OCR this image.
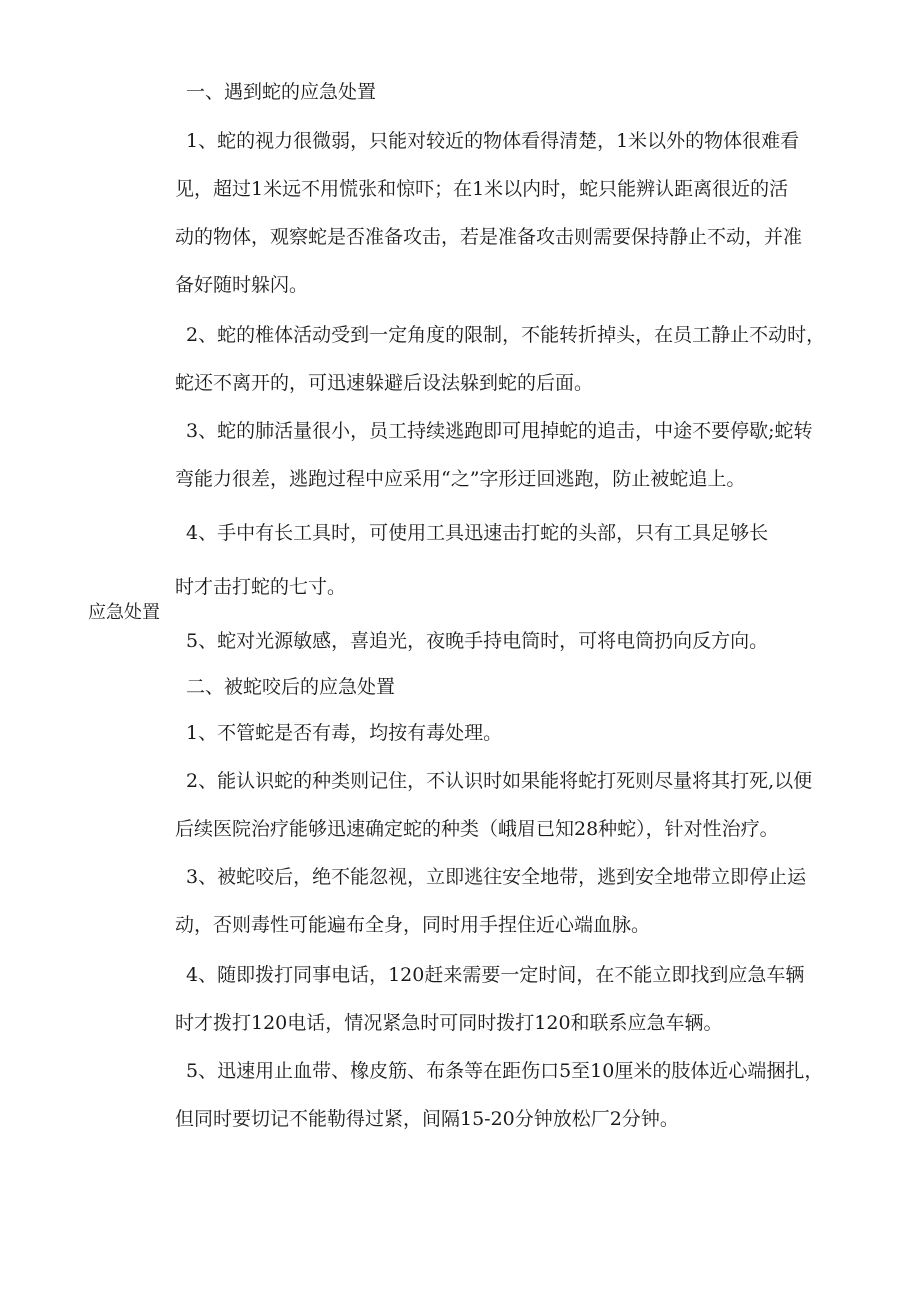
一、遇到蛇的应急处置
1、蛇的视力很微弱，只能对较近的物体看得清楚，1米以外的物体很难看
见，超过1米远不用慌张和惊吓；在1米以内时，蛇只能辨认距离很近的活
动的物体，观察蛇是否准备攻击，若是准备攻击则需要保持静止不动，并准
备好随时躲闪。
2、蛇的椎体活动受到一定角度的限制，不能转折掉头，在员工静止不动时，
蛇还不离开的，可迅速躲避后设法躲到蛇的后面。
3、蛇的肺活量很小，员工持续逃跑即可甩掉蛇的追击，中途不要停歇;蛇转
弯能力很差，逃跑过程中应采用“之”字形迂回逃跑，防止被蛇追上。
4、手中有长工具时，可使用工具迅速击打蛇的头部，只有工具足够长
时才击打蛇的七寸。
应急处置
5、蛇对光源敏感，喜追光，夜晚手持电筒时，可将电筒扔向反方向。
二、被蛇咬后的应急处置
1、不管蛇是否有毒，均按有毒处理。
2、能认识蛇的种类则记住，不认识时如果能将蛇打死则尽量将其打死,以便
后续医院治疗能够迅速确定蛇的种类（峨眉已知28种蛇），针对性治疗。
3、被蛇咬后，绝不能忽视，立即逃往安全地带，逃到安全地带立即停止运
动，否则毒性可能遍布全身，同时用手捏住近心端血脉。
4、随即拨打同事电话，120赶来需要一定时间，在不能立即找到应急车辆
时才拨打120电话，情况紧急时可同时拨打120和联系应急车辆。
5、迅速用止血带、橡皮筋、布条等在距伤口5至10厘米的肢体近心端捆扎，
但同时要切记不能勒得过紧，间隔15-20分钟放松厂2分钟。
